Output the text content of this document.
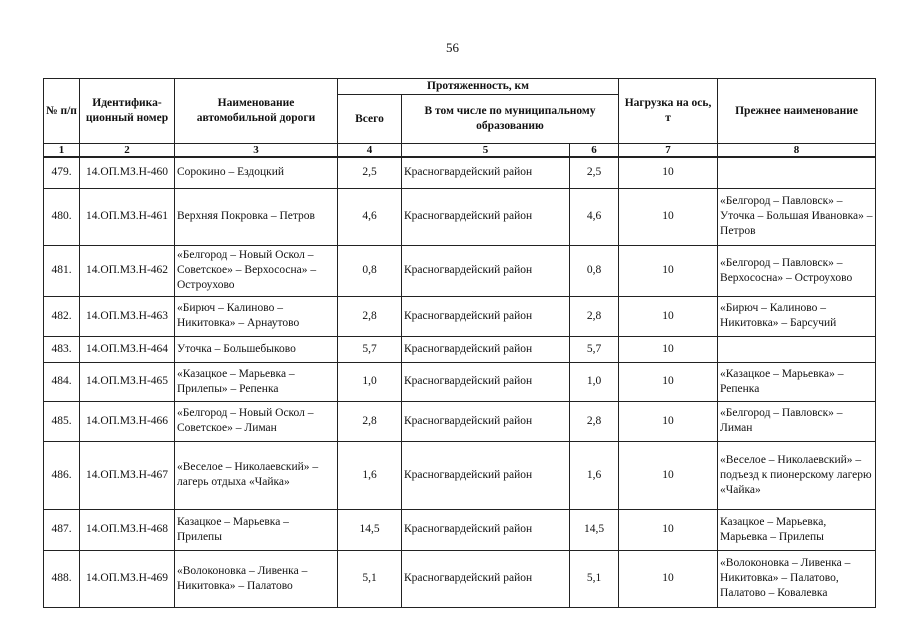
56
№ п/п	Идентифика-ционный номер	Наименование автомобильной дороги	Протяженность, км			Нагрузка на ось, т	Прежнее наименование
			Всего	В том числе по муниципальному образованию			
1	2	3	4	5	6	7	8
479.	14.ОП.МЗ.Н-460	Сорокино – Ездоцкий	2,5	Красногвардейский район	2,5	10	
480.	14.ОП.МЗ.Н-461	Верхняя Покровка – Петров	4,6	Красногвардейский район	4,6	10	«Белгород – Павловск» – Уточка – Большая Ивановка» – Петров
481.	14.ОП.МЗ.Н-462	«Белгород – Новый Оскол – Советское» – Верхососна» – Остроухово	0,8	Красногвардейский район	0,8	10	«Белгород – Павловск» – Верхососна» – Остроухово
482.	14.ОП.МЗ.Н-463	«Бирюч – Калиново – Никитовка» – Арнаутово	2,8	Красногвардейский район	2,8	10	«Бирюч – Калиново – Никитовка» – Барсучий
483.	14.ОП.МЗ.Н-464	Уточка – Большебыково	5,7	Красногвардейский район	5,7	10	
484.	14.ОП.МЗ.Н-465	«Казацкое – Марьевка – Прилепы» – Репенка	1,0	Красногвардейский район	1,0	10	«Казацкое – Марьевка» – Репенка
485.	14.ОП.МЗ.Н-466	«Белгород – Новый Оскол – Советское» – Лиман	2,8	Красногвардейский район	2,8	10	«Белгород – Павловск» – Лиман
486.	14.ОП.МЗ.Н-467	«Веселое – Николаевский» – лагерь отдыха «Чайка»	1,6	Красногвардейский район	1,6	10	«Веселое – Николаевский» – подъезд к пионерскому лагерю «Чайка»
487.	14.ОП.МЗ.Н-468	Казацкое – Марьевка – Прилепы	14,5	Красногвардейский район	14,5	10	Казацкое – Марьевка, Марьевка – Прилепы
488.	14.ОП.МЗ.Н-469	«Волоконовка – Ливенка – Никитовка» – Палатово	5,1	Красногвардейский район	5,1	10	«Волоконовка – Ливенка – Никитовка» – Палатово, Палатово – Ковалевка
